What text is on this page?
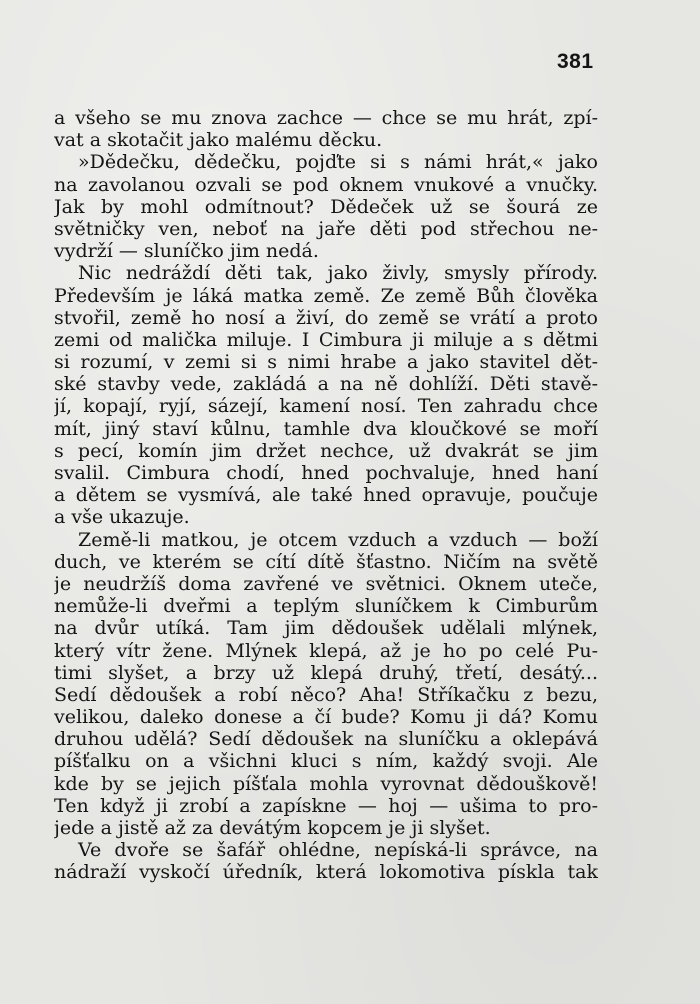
381
a všeho se mu znova zachce — chce se mu hrát, zpí-
vat a skotačit jako malému děcku.
»Dědečku, dědečku, pojďte si s námi hrát,« jako
na zavolanou ozvali se pod oknem vnukové a vnučky.
Jak by mohl odmítnout? Dědeček už se šourá ze
světničky ven, neboť na jaře děti pod střechou ne-
vydrží — sluníčko jim nedá.
Nic nedráždí děti tak, jako živly, smysly přírody.
Především je láká matka země. Ze země Bůh člověka
stvořil, země ho nosí a živí, do země se vrátí a proto
zemi od malička miluje. I Cimbura ji miluje a s dětmi
si rozumí, v zemi si s nimi hrabe a jako stavitel dět-
ské stavby vede, zakládá a na ně dohlíží. Děti stavě-
jí, kopají, ryjí, sázejí, kamení nosí. Ten zahradu chce
mít, jiný staví kůlnu, tamhle dva kloučkové se moří
s pecí, komín jim držet nechce, už dvakrát se jim
svalil. Cimbura chodí, hned pochvaluje, hned haní
a dětem se vysmívá, ale také hned opravuje, poučuje
a vše ukazuje.
Země-li matkou, je otcem vzduch a vzduch — boží
duch, ve kterém se cítí dítě šťastno. Ničím na světě
je neudržíš doma zavřené ve světnici. Oknem uteče,
nemůže-li dveřmi a teplým sluníčkem k Cimburům
na dvůr utíká. Tam jim dědoušek udělali mlýnek,
který vítr žene. Mlýnek klepá, až je ho po celé Pu-
timi slyšet, a brzy už klepá druhý, třetí, desátý...
Sedí dědoušek a robí něco? Aha! Stříkačku z bezu,
velikou, daleko donese a čí bude? Komu ji dá? Komu
druhou udělá? Sedí dědoušek na sluníčku a oklepává
píšťalku on a všichni kluci s ním, každý svoji. Ale
kde by se jejich píšťala mohla vyrovnat dědouškově!
Ten když ji zrobí a zapískne — hoj — ušima to pro-
jede a jistě až za devátým kopcem je ji slyšet.
Ve dvoře se šafář ohlédne, nepíská-li správce, na
nádraží vyskočí úředník, která lokomotiva pískla tak
